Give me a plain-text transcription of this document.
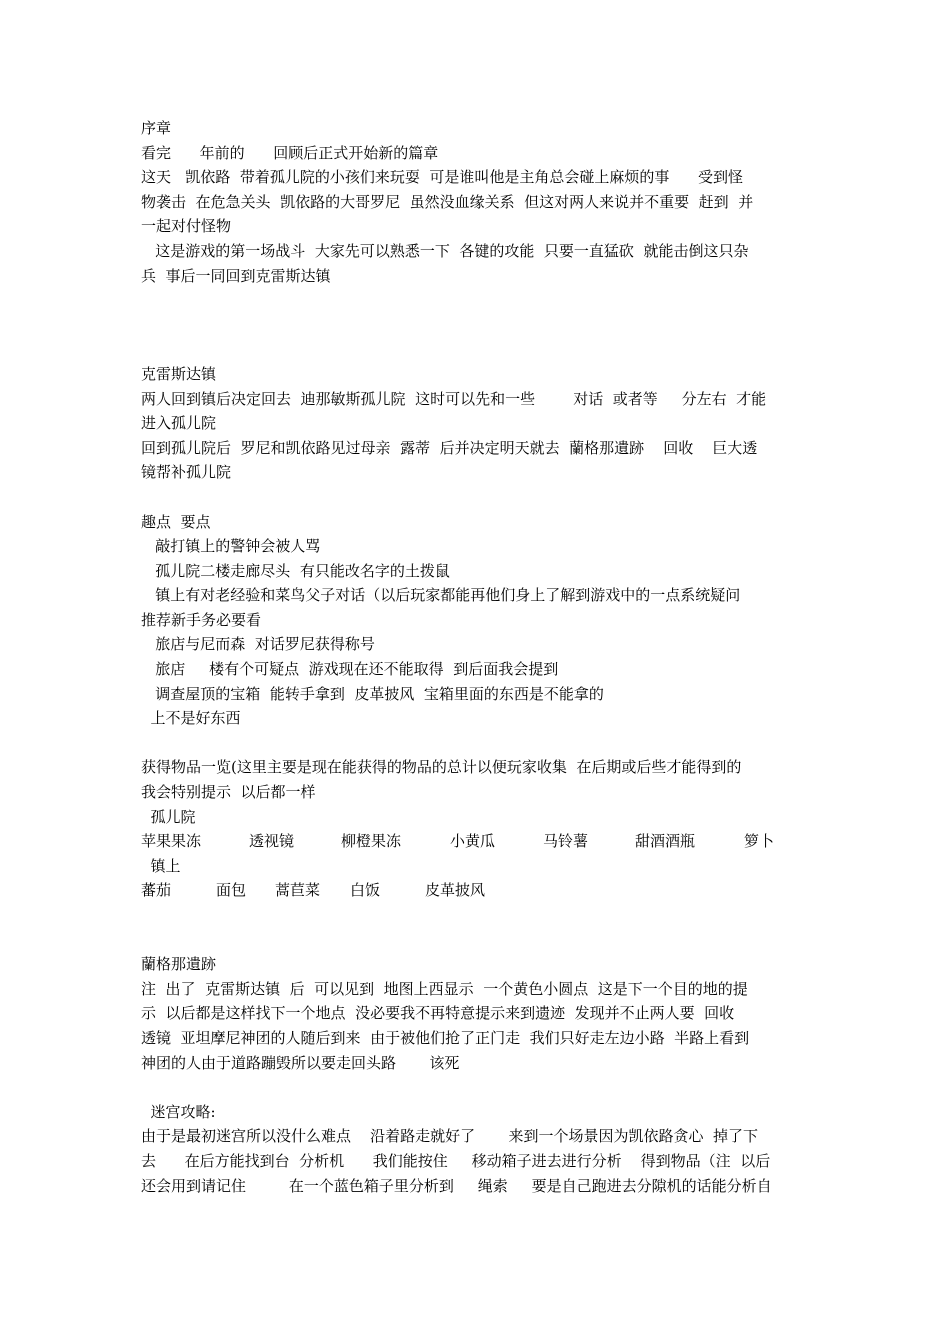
序章
看完      年前的      回顾后正式开始新的篇章
这天   凯依路  带着孤儿院的小孩们来玩耍  可是谁叫他是主角总会碰上麻烦的事      受到怪
物袭击  在危急关头  凯依路的大哥罗尼  虽然没血缘关系  但这对两人来说并不重要  赶到  并
一起对付怪物
这是游戏的第一场战斗  大家先可以熟悉一下  各键的攻能  只要一直猛砍  就能击倒这只杂
兵  事后一同回到克雷斯达镇
克雷斯达镇
两人回到镇后决定回去  迪那敏斯孤儿院  这时可以先和一些        对话  或者等     分左右  才能
进入孤儿院
回到孤儿院后  罗尼和凯依路见过母亲  露蒂  后并决定明天就去  蘭格那遺跡    回收    巨大透
镜帮补孤儿院
趣点  要点
敲打镇上的警钟会被人骂
孤儿院二楼走廊尽头  有只能改名字的土拨鼠
镇上有对老经验和菜鸟父子对话（以后玩家都能再他们身上了解到游戏中的一点系统疑问
推荐新手务必要看
旅店与尼而森  对话罗尼获得称号
旅店     楼有个可疑点  游戏现在还不能取得  到后面我会提到
调查屋顶的宝箱  能转手拿到  皮革披风  宝箱里面的东西是不能拿的
上不是好东西
获得物品一览(这里主要是现在能获得的物品的总计以便玩家收集  在后期或后些才能得到的
我会特别提示  以后都一样
孤儿院
苹果果冻	透视镜	柳橙果冻	小黄瓜	马铃薯	甜酒酒瓶	箩卜
镇上
蕃茄	面包 蒿苣菜 白饭	皮革披风
蘭格那遺跡
注  出了  克雷斯达镇  后  可以见到  地图上西显示  一个黄色小圆点  这是下一个目的地的提
示  以后都是这样找下一个地点  没必要我不再特意提示来到遗迹  发现并不止两人要  回收
透镜  亚坦摩尼神团的人随后到来  由于被他们抢了正门走  我们只好走左边小路  半路上看到
神团的人由于道路蹦毁所以要走回头路       该死
迷宫攻略:
由于是最初迷宫所以没什么难点    沿着路走就好了       来到一个场景因为凯依路贪心  掉了下
去      在后方能找到台  分析机      我们能按住     移动箱子进去进行分析    得到物品（注  以后
还会用到请记住         在一个蓝色箱子里分析到     绳索     要是自己跑进去分隙机的话能分析自
